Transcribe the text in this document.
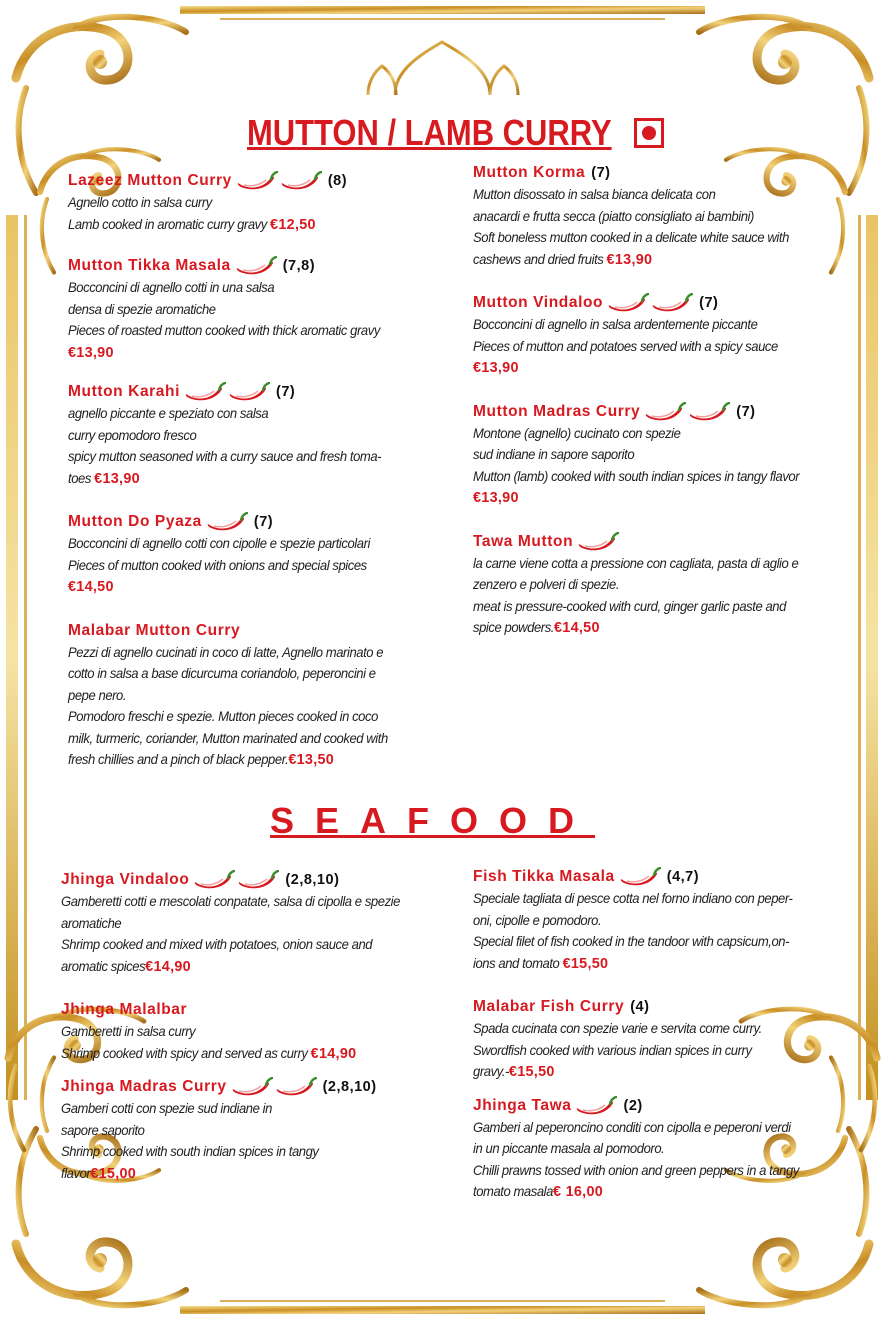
MUTTON / LAMB CURRY
SEAFOOD
Lazeez Mutton Curry	(8)

Agnello cotto in salsa curry

Lamb cooked in aromatic curry gravy €12,50

Mutton Tikka Masala	(7,8)

Bocconcini di agnello cotti in una salsa

densa di spezie aromatiche

Pieces of roasted mutton cooked with thick aromatic gravy

€13,90

Mutton Karahi	(7)

agnello piccante e speziato con salsa

curry epomodoro fresco

spicy mutton seasoned with a curry sauce and fresh toma-

toes €13,90

Mutton Do Pyaza	(7)

Bocconcini di agnello cotti con cipolle e spezie particolari

Pieces of mutton cooked with onions and special spices

€14,50

Malabar Mutton Curry

Pezzi di agnello cucinati in coco di latte, Agnello marinato e

cotto in salsa a base dicurcuma coriandolo, peperoncini e

pepe nero.

Pomodoro freschi e spezie. Mutton pieces cooked in coco

milk, turmeric, coriander, Mutton marinated and cooked with

fresh chillies and a pinch of black pepper.€13,50

Mutton Korma (7)

Mutton disossato in salsa bianca delicata con

anacardi e frutta secca (piatto consigliato ai bambini)

Soft boneless mutton cooked in a delicate white sauce with

cashews and dried fruits €13,90

Mutton Vindaloo	(7)

Bocconcini di agnello in salsa ardentemente piccante

Pieces of mutton and potatoes served with a spicy sauce

€13,90

Mutton Madras Curry	(7)

Montone (agnello) cucinato con spezie

sud indiane in sapore saporito

Mutton (lamb) cooked with south indian spices in tangy flavor

€13,90

Tawa Mutton

la carne viene cotta a pressione con cagliata, pasta di aglio e

zenzero e polveri di spezie.

meat is pressure-cooked with curd, ginger garlic paste and

spice powders.€14,50

Jhinga Vindaloo	(2,8,10)

Gamberetti cotti e mescolati conpatate, salsa di cipolla e spezie

aromatiche

Shrimp cooked and mixed with potatoes, onion sauce and

aromatic spices€14,90

Jhinga Malalbar

Gamberetti in salsa curry

Shrimp cooked with spicy and served as curry €14,90

Jhinga Madras Curry	(2,8,10)

Gamberi cotti con spezie sud indiane in

sapore saporito

Shrimp cooked with south indian spices in tangy

flavor€15,00

Fish Tikka Masala	(4,7)

Speciale tagliata di pesce cotta nel forno indiano con peper-

oni, cipolle e pomodoro.

Special filet of fish cooked in the tandoor with capsicum,on-

ions and tomato €15,50

Malabar Fish Curry (4)

Spada cucinata con spezie varie e servita come curry.

Swordfish cooked with various indian spices in curry

gravy.-€15,50

Jhinga Tawa	(2)

Gamberi al peperoncino conditi con cipolla e peperoni verdi

in un piccante masala al pomodoro.

Chilli prawns tossed with onion and green peppers in a tangy

tomato masala€ 16,00
